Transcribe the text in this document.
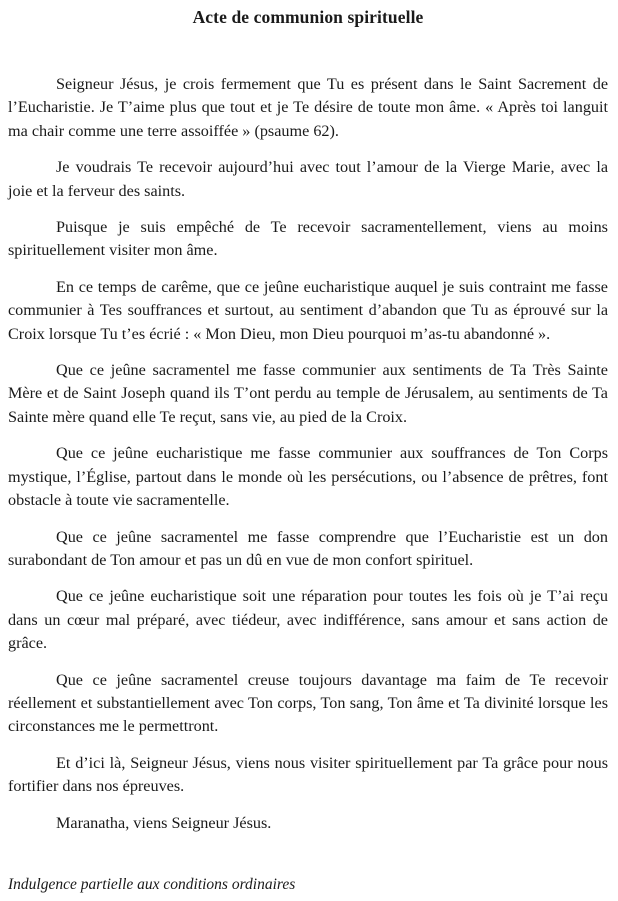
Acte de communion spirituelle

Seigneur Jésus, je crois fermement que Tu es présent dans le Saint Sacrement de l’Eucharistie. Je T’aime plus que tout et je Te désire de toute mon âme. « Après toi languit ma chair comme une terre assoiffée » (psaume 62).

Je voudrais Te recevoir aujourd’hui avec tout l’amour de la Vierge Marie, avec la joie et la ferveur des saints.

Puisque je suis empêché de Te recevoir sacramentellement, viens au moins spirituellement visiter mon âme.

En ce temps de carême, que ce jeûne eucharistique auquel je suis contraint me fasse communier à Tes souffrances et surtout, au sentiment d’abandon que Tu as éprouvé sur la Croix lorsque Tu t’es écrié : « Mon Dieu, mon Dieu pourquoi m’as-tu abandonné ».

Que ce jeûne sacramentel me fasse communier aux sentiments de Ta Très Sainte Mère et de Saint Joseph quand ils T’ont perdu au temple de Jérusalem, au sentiments de Ta Sainte mère quand elle Te reçut, sans vie, au pied de la Croix.

Que ce jeûne eucharistique me fasse communier aux souffrances de Ton Corps mystique, l’Église, partout dans le monde où les persécutions, ou l’absence de prêtres, font obstacle à toute vie sacramentelle.

Que ce jeûne sacramentel me fasse comprendre que l’Eucharistie est un don surabondant de Ton amour et pas un dû en vue de mon confort spirituel.

Que ce jeûne eucharistique soit une réparation pour toutes les fois où je T’ai reçu dans un cœur mal préparé, avec tiédeur, avec indifférence, sans amour et sans action de grâce.

Que ce jeûne sacramentel creuse toujours davantage ma faim de Te recevoir réellement et substantiellement avec Ton corps, Ton sang, Ton âme et Ta divinité lorsque les circonstances me le permettront.

Et d’ici là, Seigneur Jésus, viens nous visiter spirituellement par Ta grâce pour nous fortifier dans nos épreuves.

Maranatha, viens Seigneur Jésus.

Indulgence partielle aux conditions ordinaires
